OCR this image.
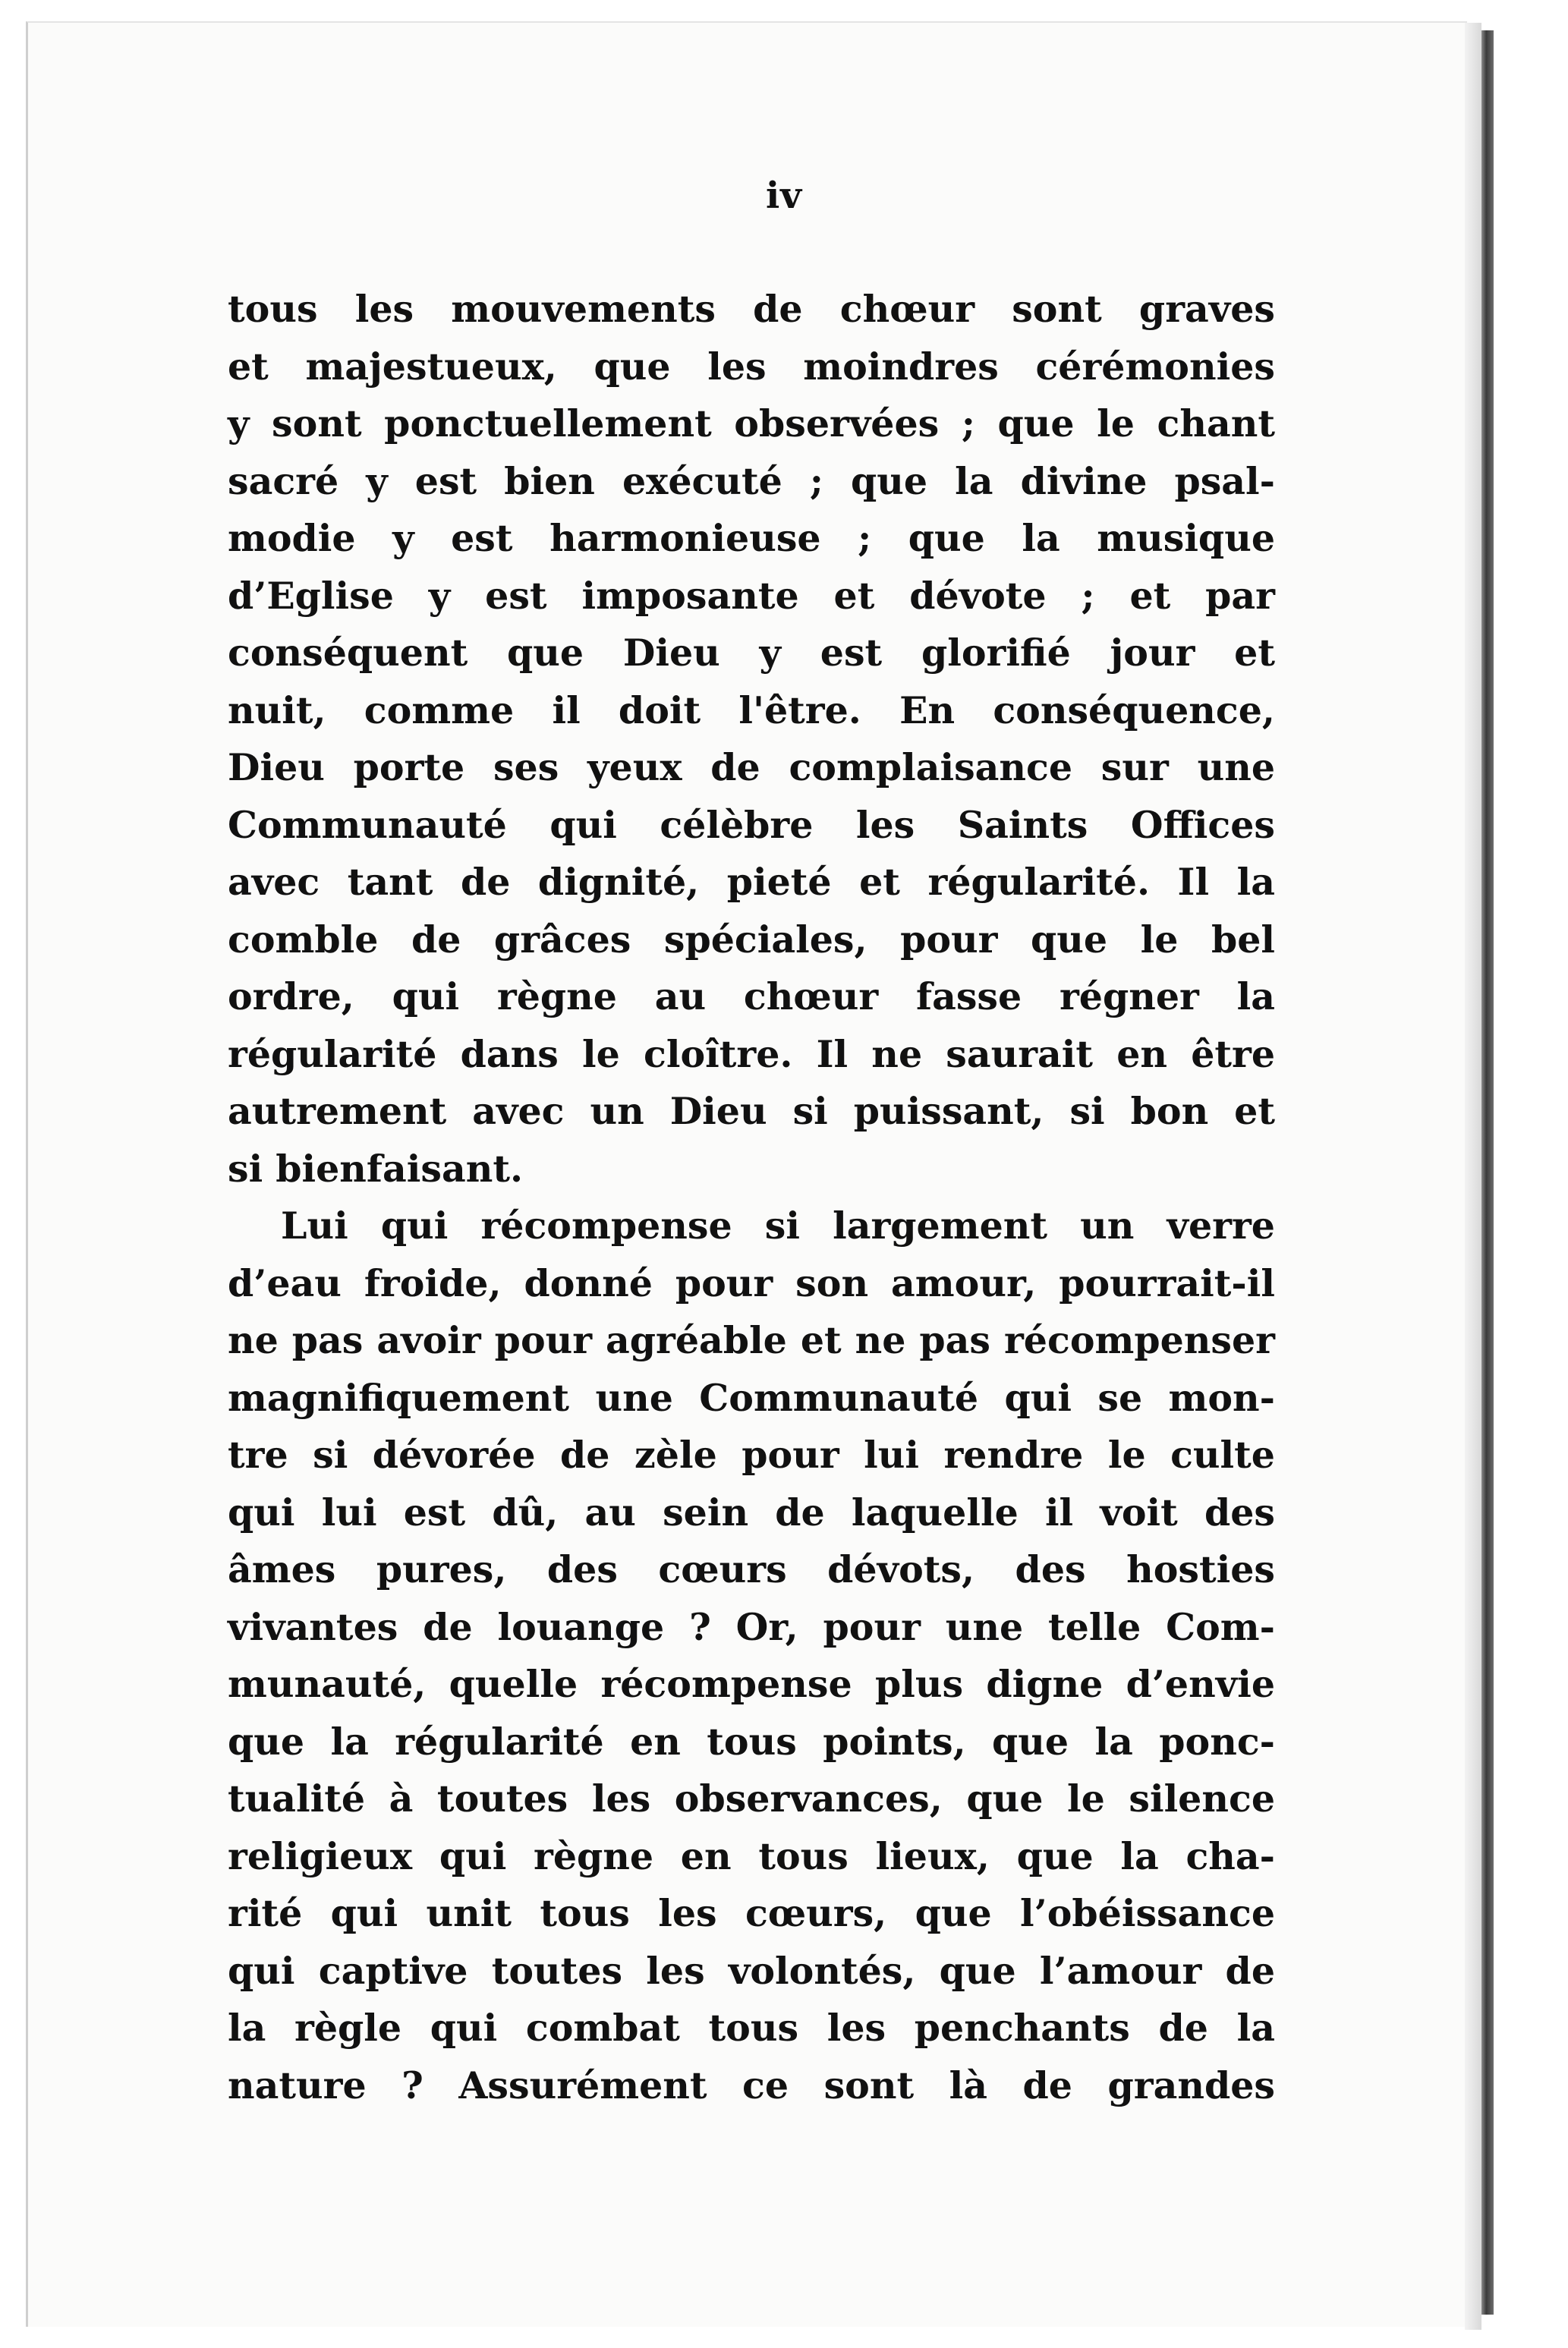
iv

tous les mouvements de chœur sont graves
et majestueux, que les moindres cérémonies
y sont ponctuellement observées ; que le chant
sacré y est bien exécuté ; que la divine psal-
modie y est harmonieuse ; que la musique
d’Eglise y est imposante et dévote ; et par
conséquent que Dieu y est glorifié jour et
nuit, comme il doit l'être. En conséquence,
Dieu porte ses yeux de complaisance sur une
Communauté qui célèbre les Saints Offices
avec tant de dignité, pieté et régularité. Il la
comble de grâces spéciales, pour que le bel
ordre, qui règne au chœur fasse régner la
régularité dans le cloître. Il ne saurait en être
autrement avec un Dieu si puissant, si bon et
si bienfaisant.

Lui qui récompense si largement un verre
d’eau froide, donné pour son amour, pourrait-il
ne pas avoir pour agréable et ne pas récompenser
magnifiquement une Communauté qui se mon-
tre si dévorée de zèle pour lui rendre le culte
qui lui est dû, au sein de laquelle il voit des
âmes pures, des cœurs dévots, des hosties
vivantes de louange ? Or, pour une telle Com-
munauté, quelle récompense plus digne d’envie
que la régularité en tous points, que la ponc-
tualité à toutes les observances, que le silence
religieux qui règne en tous lieux, que la cha-
rité qui unit tous les cœurs, que l’obéissance
qui captive toutes les volontés, que l’amour de
la règle qui combat tous les penchants de la
nature ? Assurément ce sont là de grandes
